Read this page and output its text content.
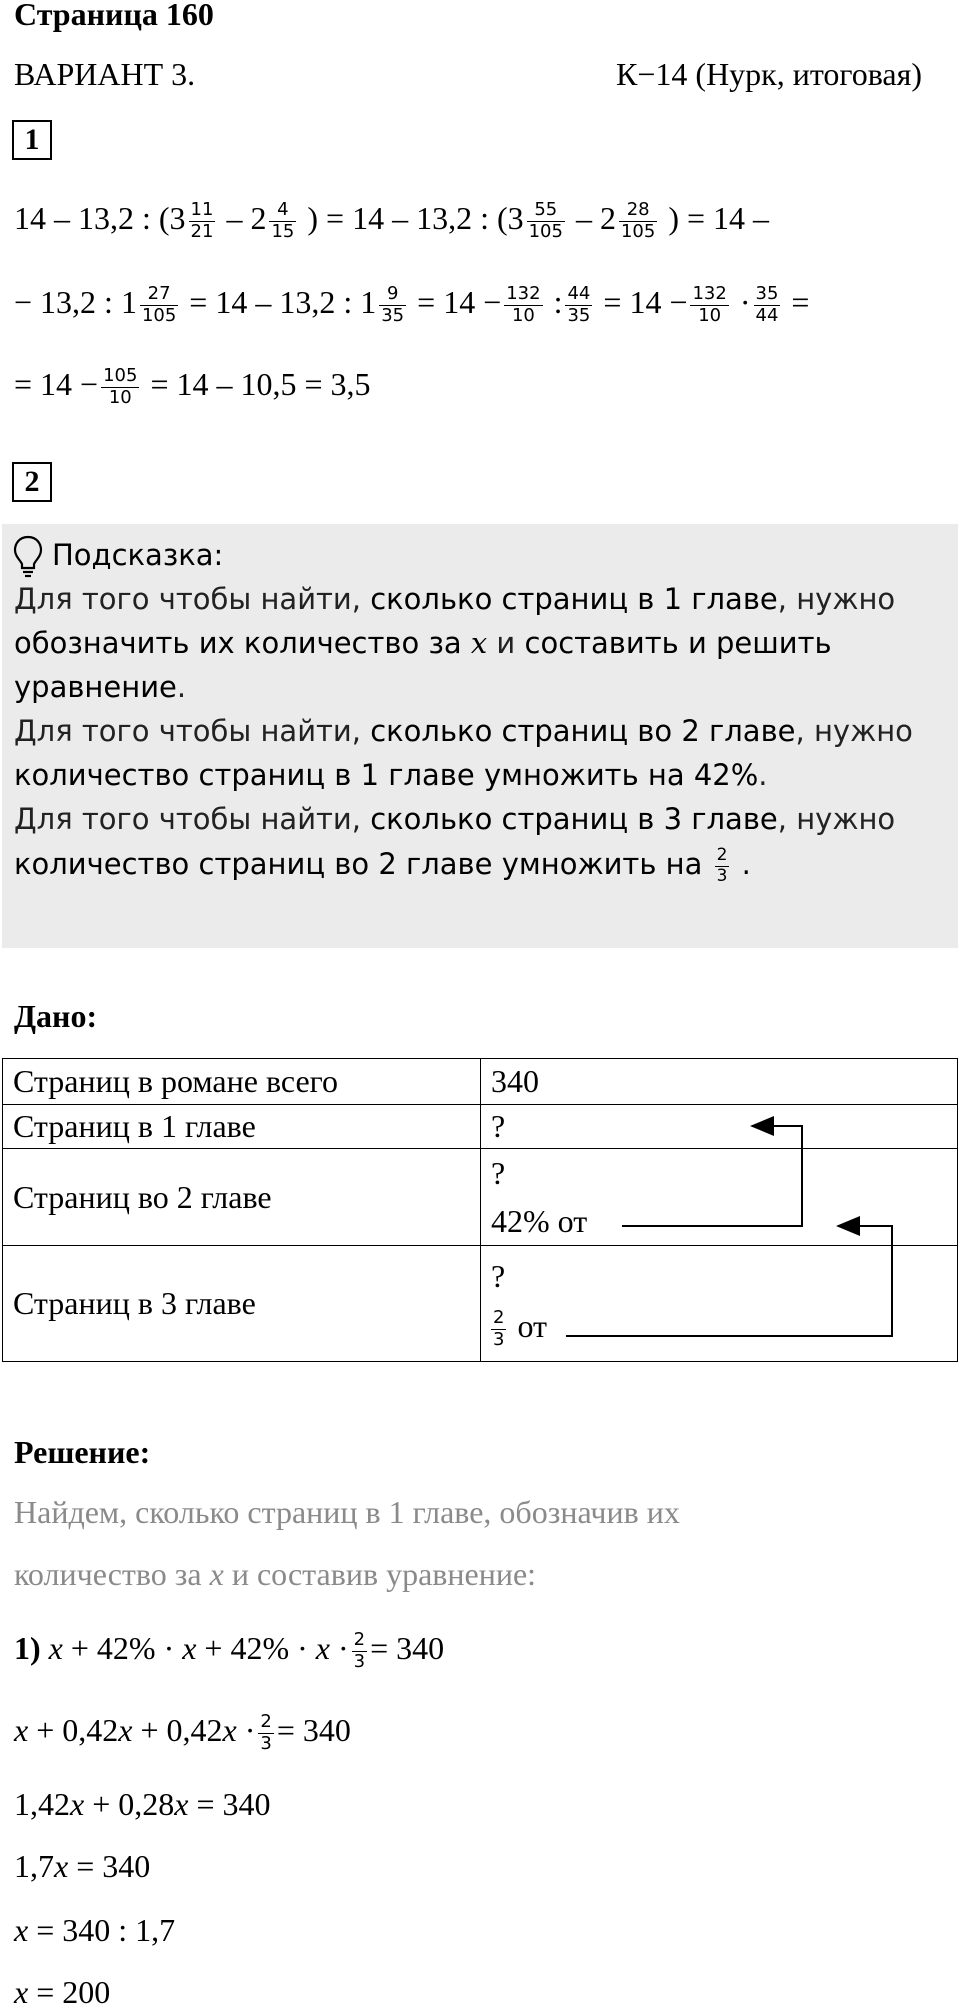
Страница 160
ВАРИАНТ 3.	К−14 (Нурк, итоговая)
1
14 – 13,2 : ($3 \frac{11}{21} - 2 \frac{4}{15}$ ) = 14 – 13,2 : ($3 \frac{55}{105} - 2 \frac{28}{105}$ ) = 14 –
− 13,2 : $1 \frac{27}{105} = 14 - 13,2$ : $1 \frac{9}{35} = 14 - \frac{132}{10}$ : $\frac{44}{35} = 14 - \frac{132}{10} \cdot \frac{35}{44}$ =
= $14 - \frac{105}{10} = 14 - 10,5 = 3,5$
2
Подсказка:
Для того чтобы найти, сколько страниц в 1 главе, нужно
обозначить их количество за x и составить и решить
уравнение.
Для того чтобы найти, сколько страниц во 2 главе, нужно
количество страниц в 1 главе умножить на 42%.
Для того чтобы найти, сколько страниц в 3 главе, нужно
количество страниц во 2 главе умножить на $\frac{2}{3}$ .
Дано:
Страниц в романе всего	340
Страниц в 1 главе	?
Страниц во 2 главе	?
42% от

Страниц в 3 главе	?
$\frac{2}{3}$ от
Решение:
Найдем, сколько страниц в 1 главе, обозначив их
количество за x и составив уравнение:
1) $x + 42\% \cdot x + 42\% \cdot x \cdot \frac{2}{3} = 340$
$x + 0,42x + 0,42x \cdot \frac{2}{3} = 340$
1,42x + 0,28x = 340
1,7x = 340
x = 340 : 1,7
x = 200
